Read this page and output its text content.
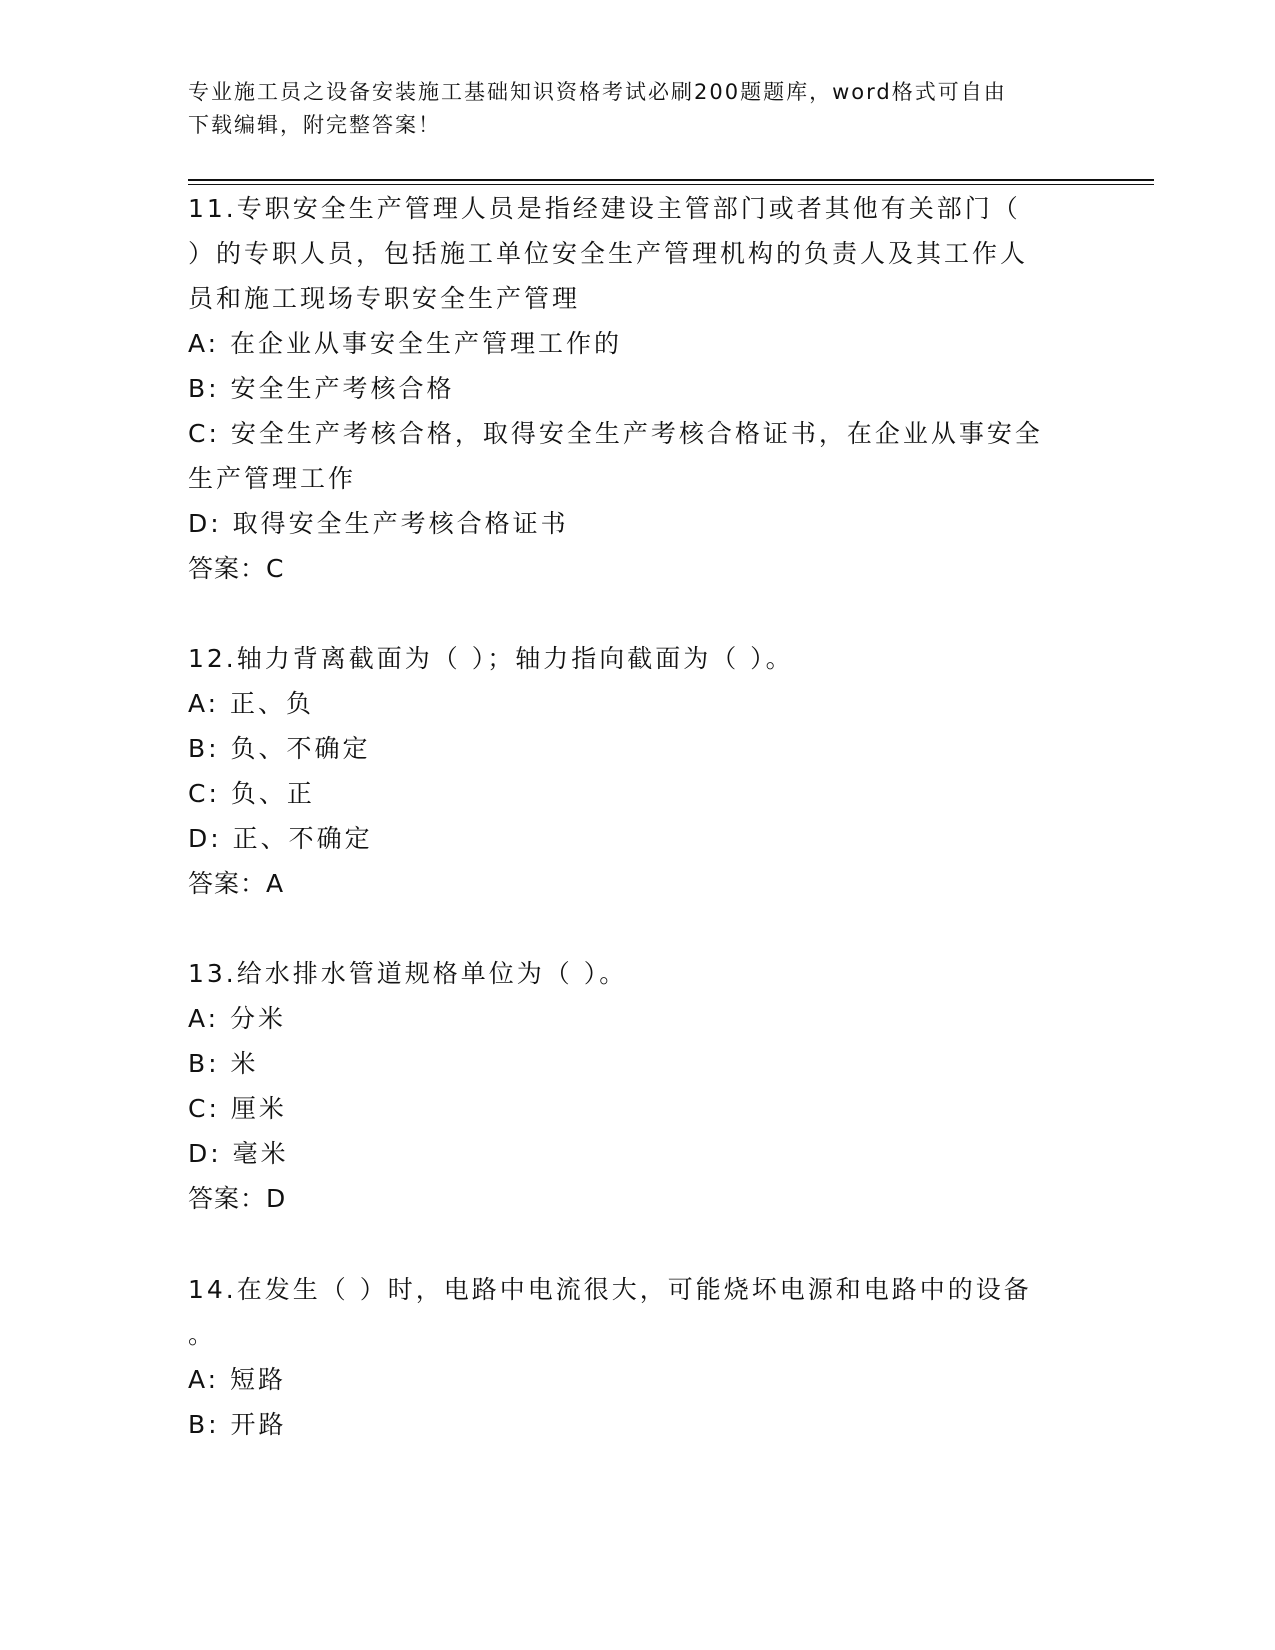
专业施工员之设备安装施工基础知识资格考试必刷200题题库，word格式可自由
下载编辑，附完整答案！
11.专职安全生产管理人员是指经建设主管部门或者其他有关部门（
）的专职人员，包括施工单位安全生产管理机构的负责人及其工作人
员和施工现场专职安全生产管理
A: 在企业从事安全生产管理工作的
B: 安全生产考核合格
C: 安全生产考核合格，取得安全生产考核合格证书，在企业从事安全
生产管理工作
D: 取得安全生产考核合格证书
答案：C
12.轴力背离截面为（ ）；轴力指向截面为（ ）。
A: 正、负
B: 负、不确定
C: 负、正
D: 正、不确定
答案：A
13.给水排水管道规格单位为（ ）。
A: 分米
B: 米
C: 厘米
D: 毫米
答案：D
14.在发生（ ）时，电路中电流很大，可能烧坏电源和电路中的设备
。
A: 短路
B: 开路
